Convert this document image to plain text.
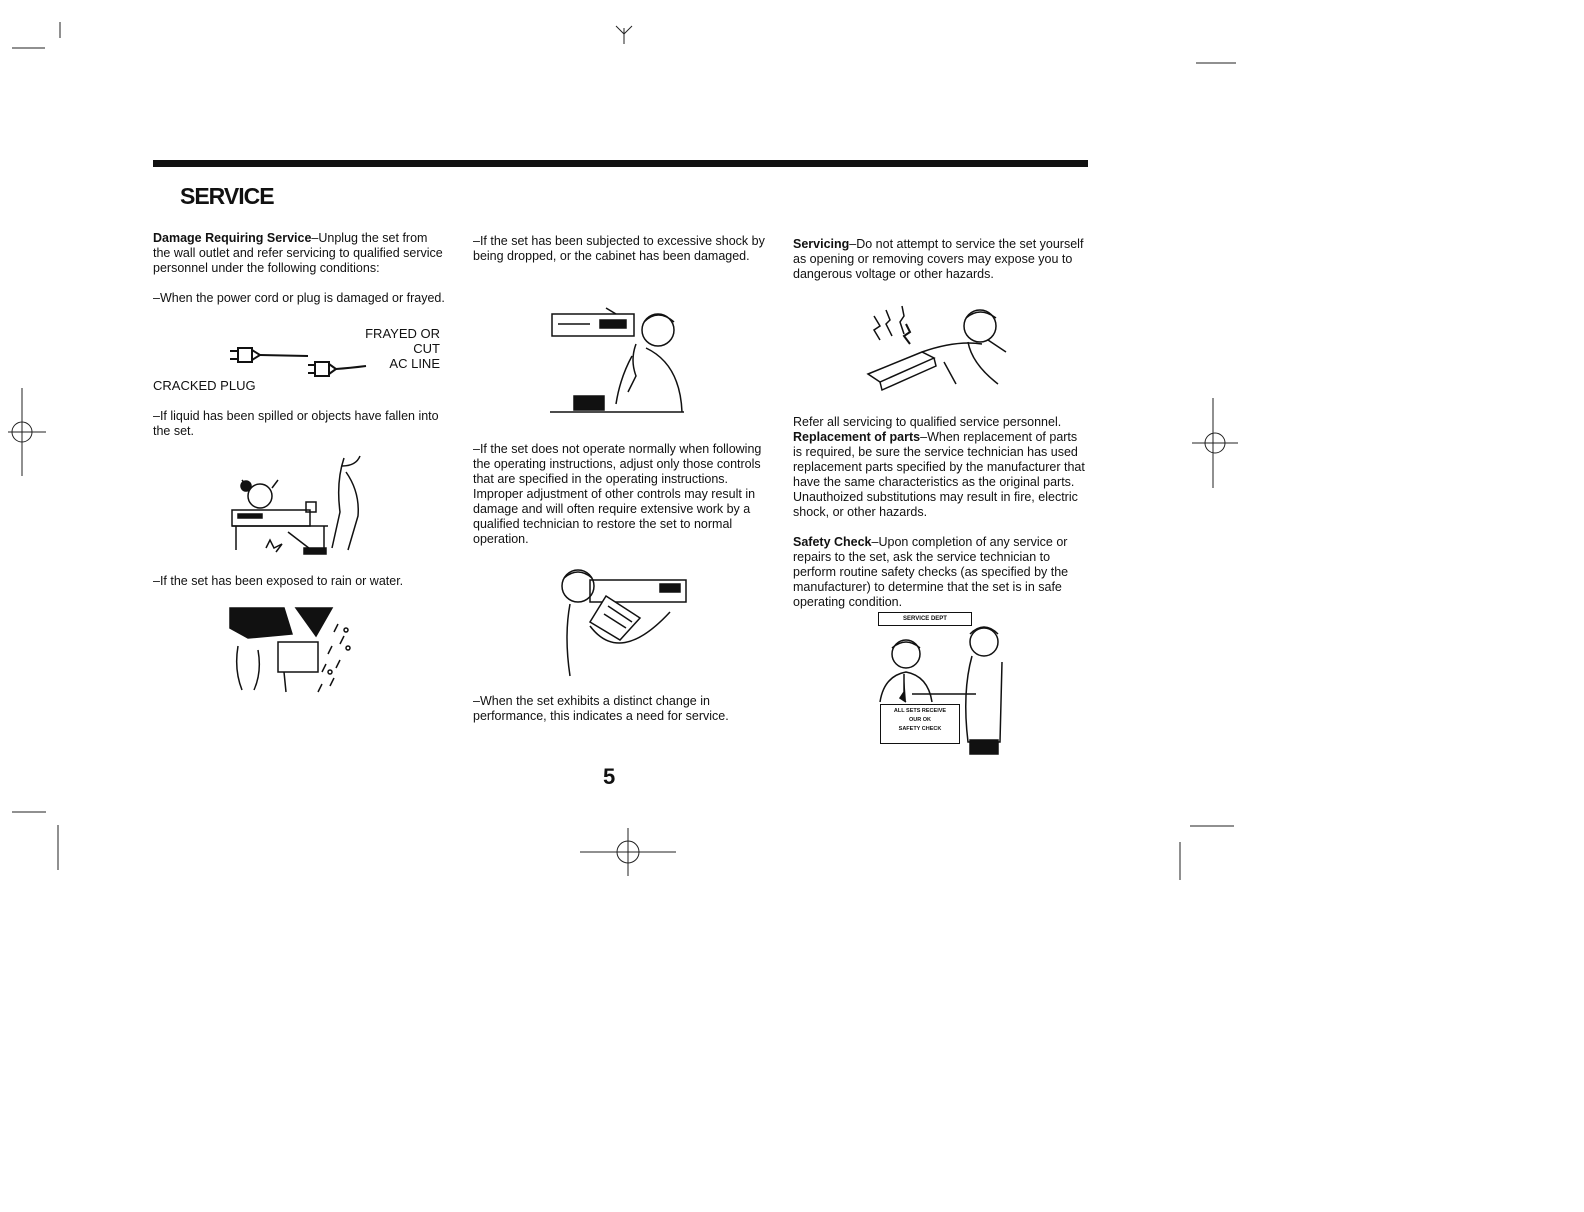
SERVICE

Damage Requiring Service–Unplug the set from the wall outlet and refer servicing to qualified service personnel under the following conditions:

–When the power cord or plug is damaged or frayed.

FRAYED OR CUT
AC LINE
CRACKED PLUG

–If liquid has been spilled or objects have fallen into the set.

–If the set has been exposed to rain or water.

–If the set has been subjected to excessive shock by being dropped, or the cabinet has been damaged.

–If the set does not operate normally when following the operating instructions, adjust only those controls that are specified in the operating instructions. Improper adjustment of other controls may result in damage and will often require extensive work by a qualified technician to restore the set to normal operation.

–When the set exhibits a distinct change in performance, this indicates a need for service.

Servicing–Do not attempt to service the set yourself as opening or removing covers may expose you to dangerous voltage or other hazards.

Refer all servicing to qualified service personnel.

Replacement of parts–When replacement of parts is required, be sure the service technician has used replacement parts specified by the manufacturer that have the same characteristics as the original parts. Unauthoized substitutions may result in fire, electric shock, or other hazards.

Safety Check–Upon completion of any service or repairs to the set, ask the service technician to perform routine safety checks (as specified by the manufacturer) to determine that the set is in safe operating condition.

SERVICE DEPT
ALL SETS RECEIVE
OUR OK
SAFETY CHECK
5
